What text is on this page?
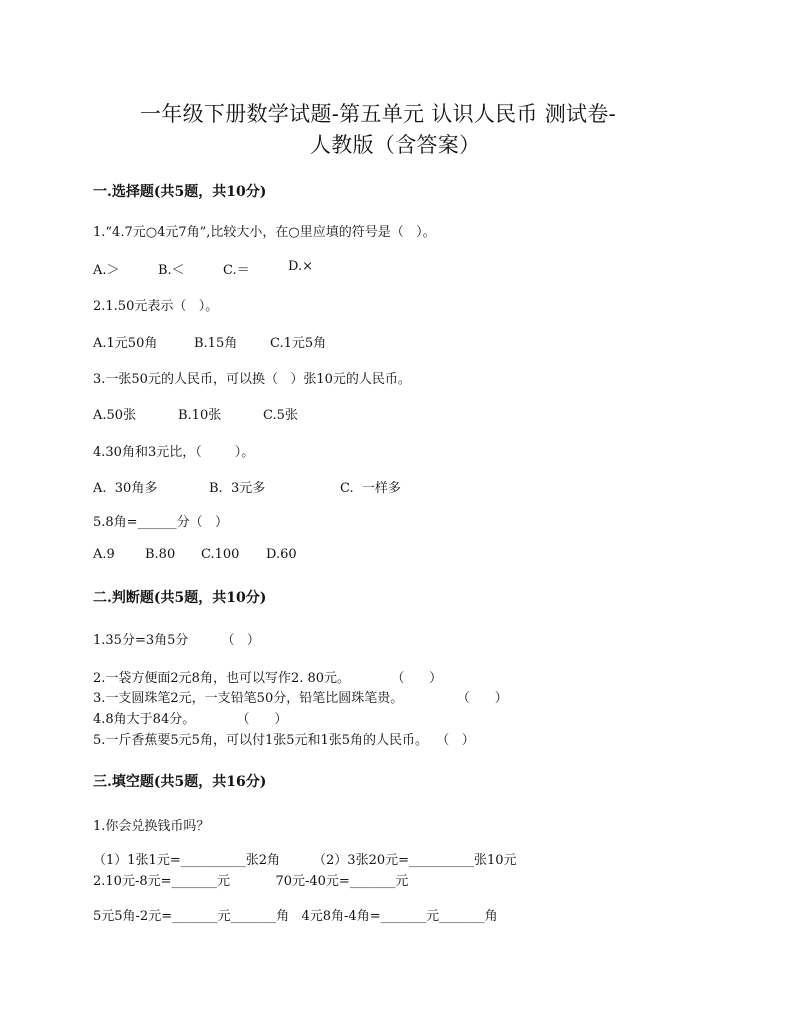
一年级下册数学试题-第五单元 认识人民币 测试卷-
人教版（含答案）
一.选择题(共5题，共10分)
1.“4.7元○4元7角”,比较大小，在○里应填的符号是（   ）。
A.＞	B.＜	C.＝	D.×
2.1.50元表示（   ）。
A.1元50角	B.15角	C.1元5角
3.一张50元的人民币，可以换（   ）张10元的人民币。
A.50张	B.10张	C.5张
4.30角和3元比，（        ）。
A.  30角多	B.  3元多	C.  一样多
5.8角=______分（   ）
A.9 B.80 C.100 D.60
二.判断题(共5题，共10分)
1.35分=3角5分        （   ）
2.一袋方便面2元8角，也可以写作2. 80元。          （      ）
3.一支圆珠笔2元，一支铅笔50分，铅笔比圆珠笔贵。             （      ）
4.8角大于84分。          （      ）
5.一斤香蕉要5元5角，可以付1张5元和1张5角的人民币。  （   ）
三.填空题(共5题，共16分)
1.你会兑换钱币吗？
（1）1张1元=__________张2角        （2）3张20元=__________张10元
2.10元-8元=_______元           70元-40元=_______元
5元5角-2元=_______元_______角   4元8角-4角=_______元_______角
